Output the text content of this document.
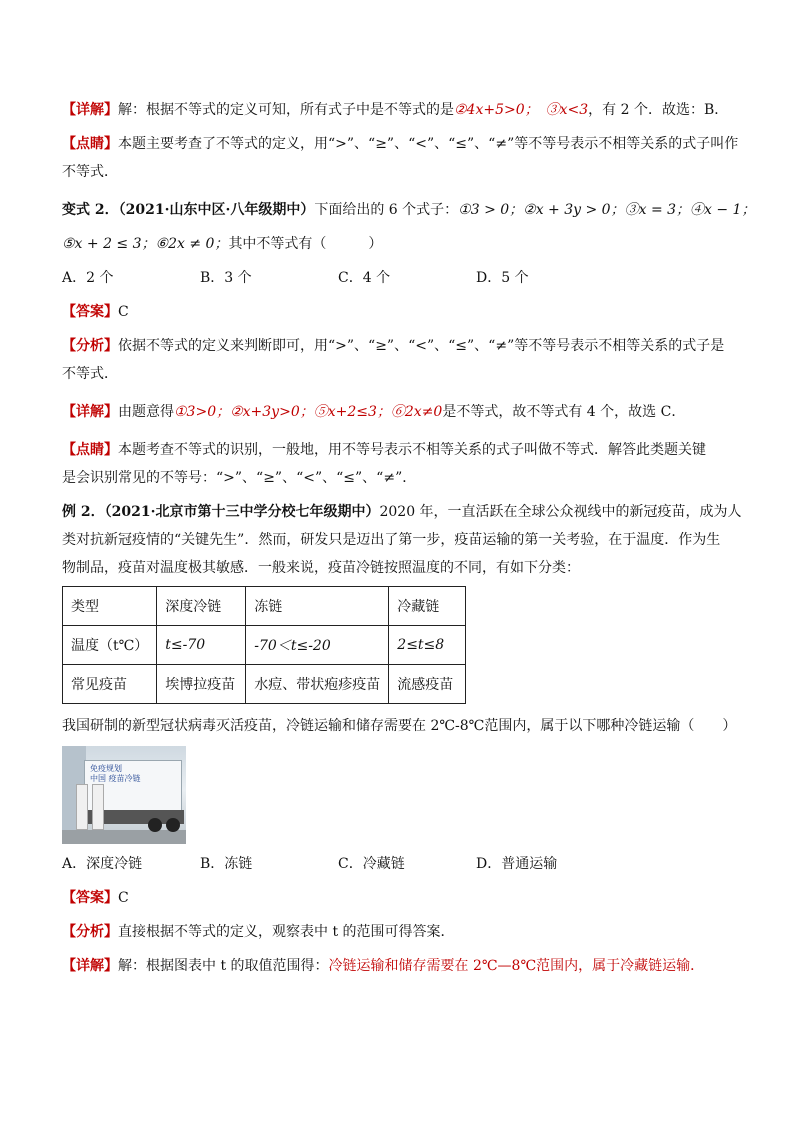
【详解】解：根据不等式的定义可知，所有式子中是不等式的是②4x+5>0；　③x<3，有 2 个．故选：B．
【点睛】本题主要考查了不等式的定义，用“>”、“≥”、“<”、“≤”、“≠”等不等号表示不相等关系的式子叫作
不等式．
变式 2．（2021·山东中区·八年级期中）下面给出的 6 个式子：①3 > 0；②x + 3y > 0；③x = 3；④x − 1；
⑤x + 2 ≤ 3；⑥2x ≠ 0；其中不等式有（　　　）
A．2 个	B．3 个	C．4 个	D．5 个
【答案】C
【分析】依据不等式的定义来判断即可，用“>”、“≥”、“<”、“≤”、“≠”等不等号表示不相等关系的式子是
不等式．
【详解】由题意得①3>0；②x+3y>0；⑤x+2≤3；⑥2x≠0是不等式，故不等式有 4 个，故选 C．
【点睛】本题考查不等式的识别，一般地，用不等号表示不相等关系的式子叫做不等式．解答此类题关键
是会识别常见的不等号：“>”、“≥”、“<”、“≤”、“≠”．
例 2．（2021·北京市第十三中学分校七年级期中）2020 年，一直活跃在全球公众视线中的新冠疫苗，成为人
类对抗新冠疫情的“关键先生”．然而，研发只是迈出了第一步，疫苗运输的第一关考验，在于温度．作为生
物制品，疫苗对温度极其敏感．一般来说，疫苗冷链按照温度的不同，有如下分类：
类型	深度冷链	冻链	冷藏链
温度（t℃）	t≤-70	-70＜t≤-20	2≤t≤8
常见疫苗	埃博拉疫苗	水痘、带状疱疹疫苗	流感疫苗
我国研制的新型冠状病毒灭活疫苗，冷链运输和储存需要在 2℃-8℃范围内，属于以下哪种冷链运输（　　）
免疫规划
中国 疫苗冷链
A．深度冷链	B．冻链	C．冷藏链	D．普通运输
【答案】C
【分析】直接根据不等式的定义，观察表中 t 的范围可得答案．
【详解】解：根据图表中 t 的取值范围得：冷链运输和储存需要在 2℃—8℃范围内，属于冷藏链运输．
